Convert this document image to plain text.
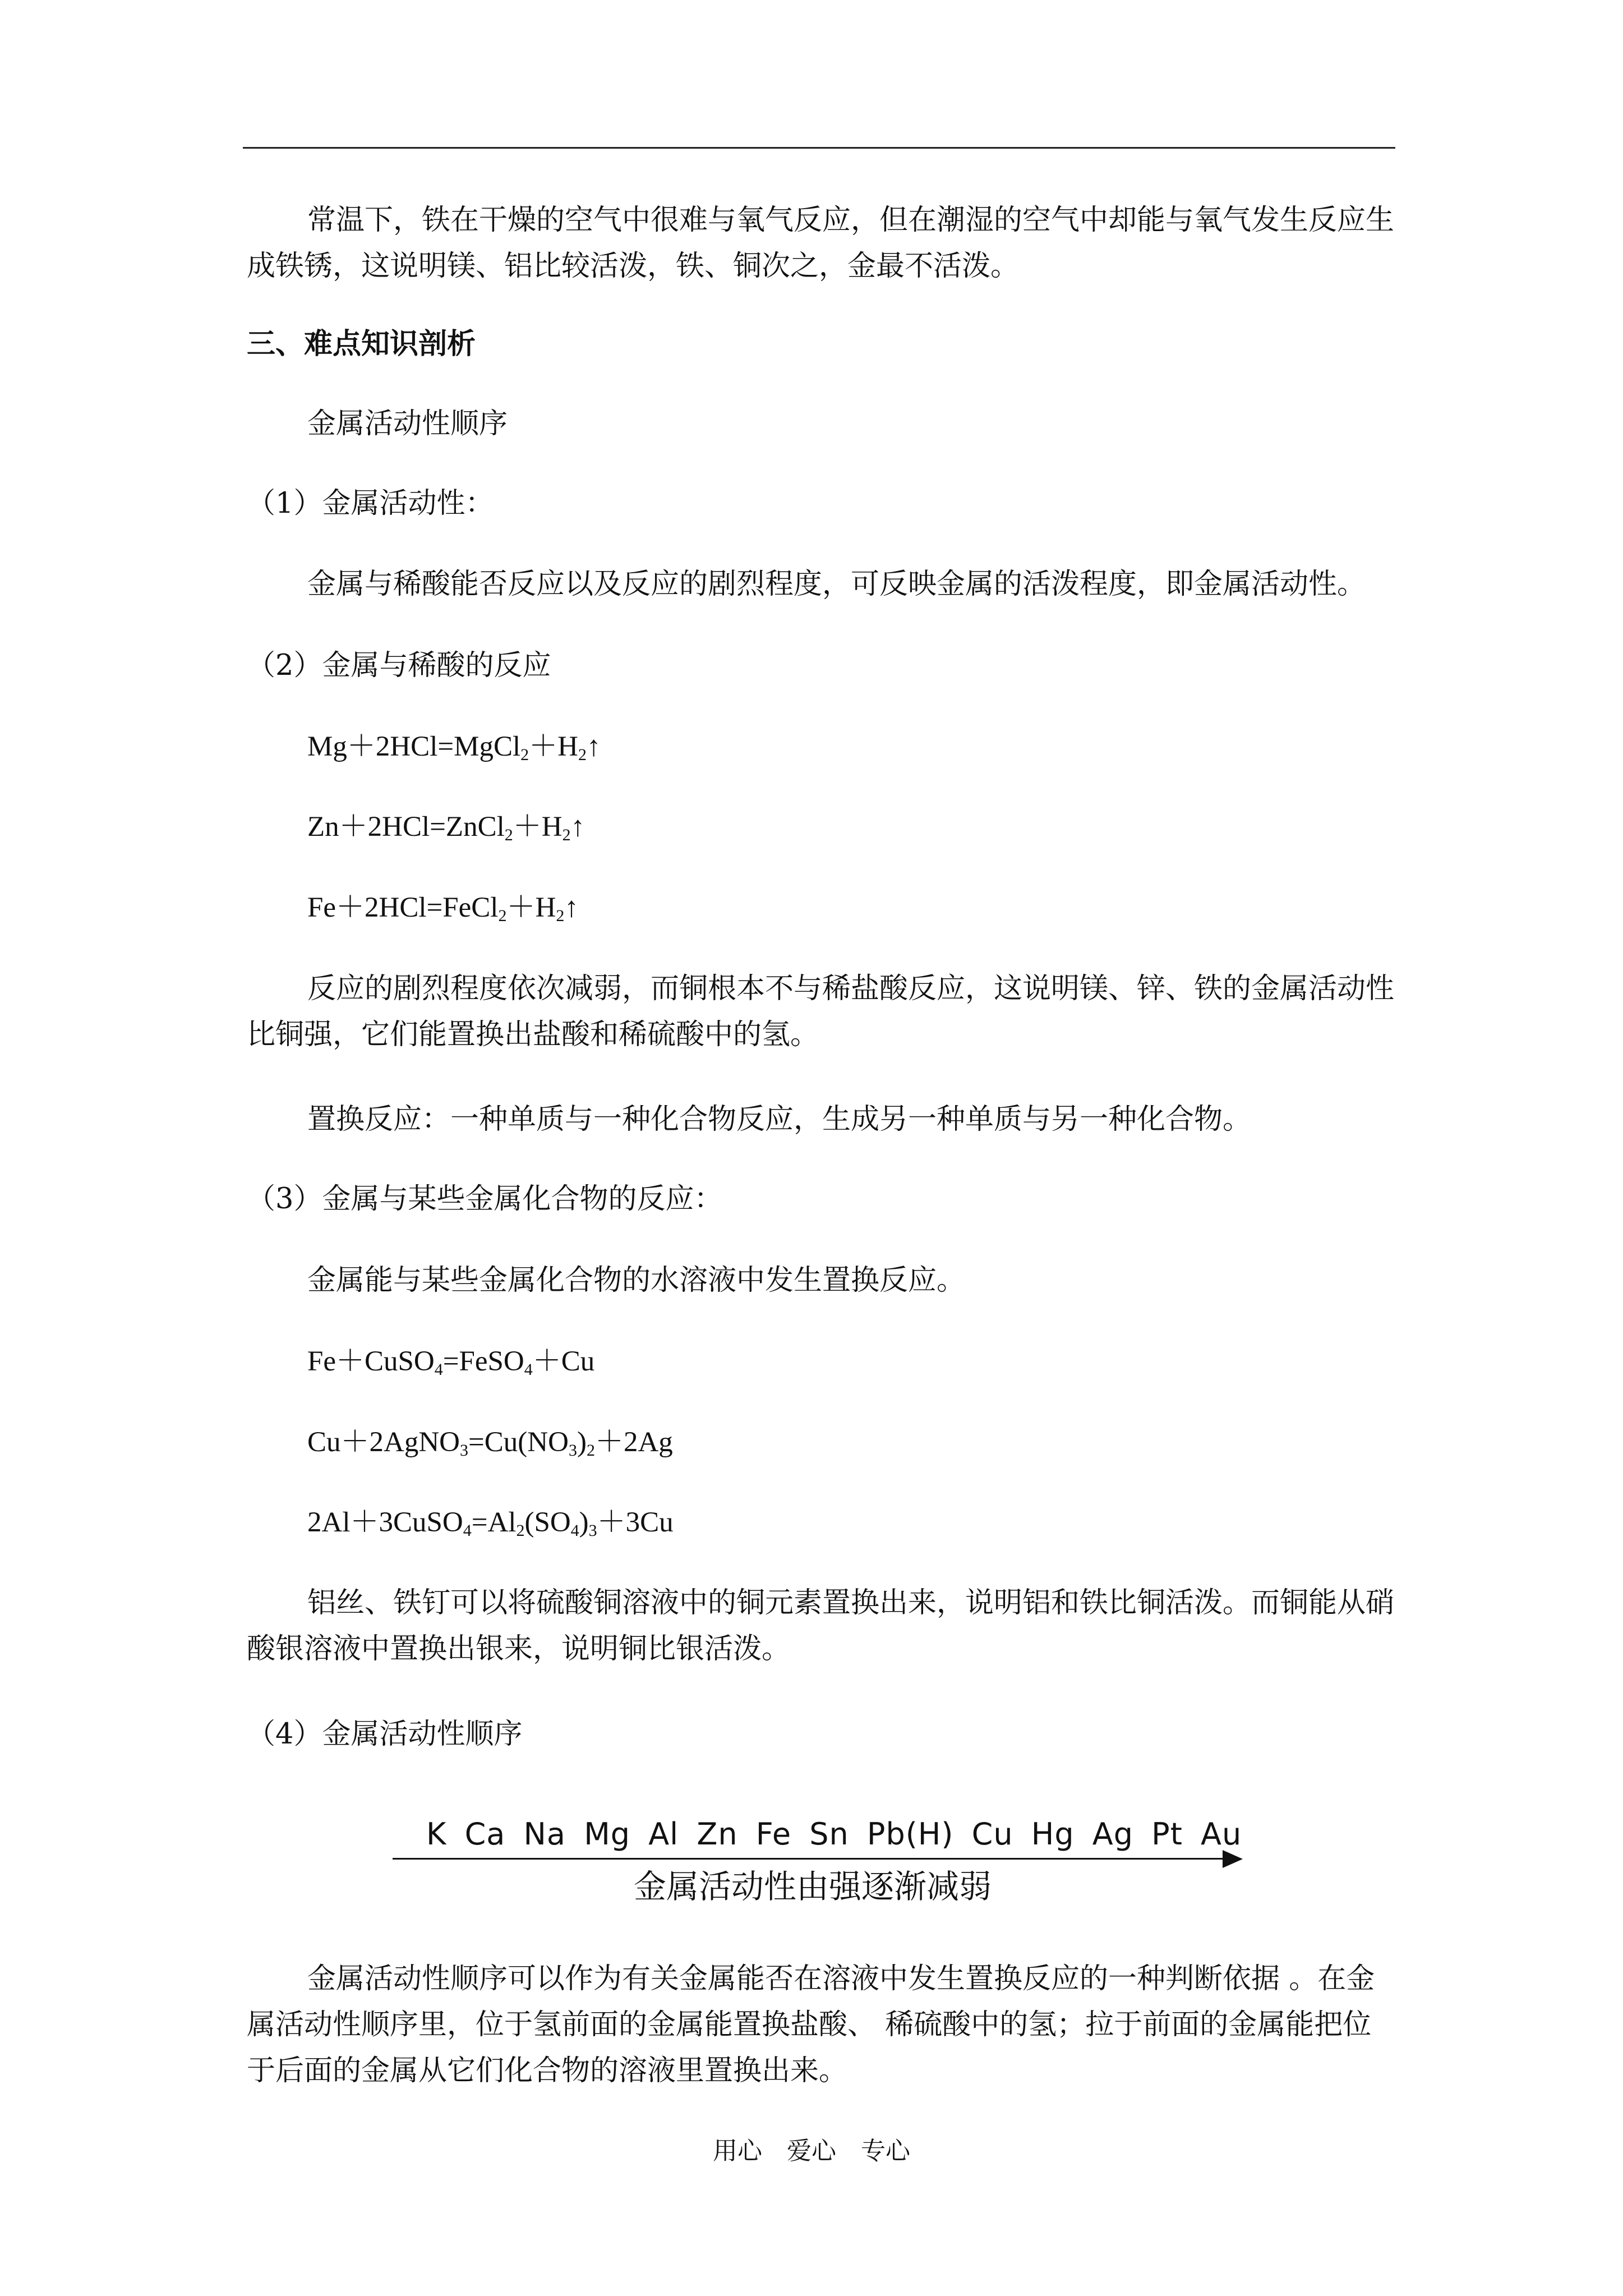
常温下，铁在干燥的空气中很难与氧气反应，但在潮湿的空气中却能与氧气发生反应生成铁锈，这说明镁、铝比较活泼，铁、铜次之，金最不活泼。

三、难点知识剖析

金属活动性顺序

（1）金属活动性：

金属与稀酸能否反应以及反应的剧烈程度，可反映金属的活泼程度，即金属活动性。

（2）金属与稀酸的反应

$Mg+2HCl=MgCl_2+H_2↑$
$Zn+2HCl=ZnCl_2+H_2↑$
$Fe+2HCl=FeCl_2+H_2↑$

反应的剧烈程度依次减弱，而铜根本不与稀盐酸反应，这说明镁、锌、铁的金属活动性比铜强，它们能置换出盐酸和稀硫酸中的氢。

置换反应：一种单质与一种化合物反应，生成另一种单质与另一种化合物。

（3）金属与某些金属化合物的反应：

金属能与某些金属化合物的水溶液中发生置换反应。

Fe＋CuSO$_4$=FeSO$_4$＋Cu
$Cu+2AgNO_3=Cu(NO_3)_2+2Ag$
$2Al+3CuSO_4=Al_2(SO_4)_3+3Cu$

铝丝、铁钉可以将硫酸铜溶液中的铜元素置换出来，说明铝和铁比铜活泼。而铜能从硝酸银溶液中置换出银来，说明铜比银活泼。

（4）金属活动性顺序

K Ca Na Mg Al Zn Fe Sn Pb(H) Cu Hg Ag Pt Au
金属活动性由强逐渐减弱

金属活动性顺序可以作为有关金属能否在溶液中发生置换反应的一种判断依据 。在金属活动性顺序里，位于氢前面的金属能置换盐酸、 稀硫酸中的氢；拉于前面的金属能把位于后面的金属从它们化合物的溶液里置换出来。

用心　爱心　专心
